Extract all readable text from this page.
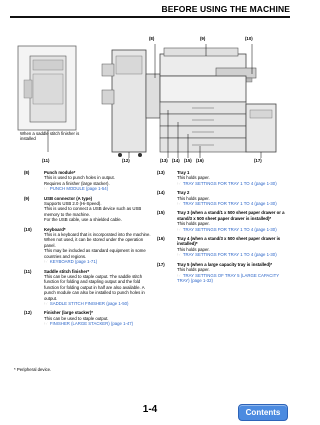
BEFORE USING THE MACHINE
(8)	(9)	(10)
(11)	(12)	(13) (14) (15) (16)	(17)
When a saddle stitch finisher is installed
(8)	Punch module*
This is used to punch holes in output.
Requires a finisher (large stacker).
☞ PUNCH MODULE (page 1-54)
(9)	USB connector (A type)
Supports USB 2.0 (Hi-Speed).
This is used to connect a USB device such as USB memory to the machine.
For the USB cable, use a shielded cable.
(10)	Keyboard*
This is a keyboard that is incorporated into the machine. When not used, it can be stored under the operation panel.
This may be included as standard equipment in some countries and regions.
☞ KEYBOARD (page 1-71)
(11)	Saddle stitch finisher*
This can be used to staple output. The saddle stitch function for folding and stapling output and the fold function for folding output in half are also available. A punch module can also be installed to punch holes in output.
☞ SADDLE STITCH FINISHER (page 1-50)
(12)	Finisher (large stacker)*
This can be used to staple output.
☞ FINISHER (LARGE STACKER) (page 1-47)
(13)	Tray 1
This holds paper.
☞ TRAY SETTINGS FOR TRAY 1 TO 4 (page 1-30)
(14)	Tray 2
This holds paper.
☞ TRAY SETTINGS FOR TRAY 1 TO 4 (page 1-30)
(15)	Tray 3 (when a stand/1 x 500 sheet paper drawer or a stand/3 x 500 sheet paper drawer is installed)*
This holds paper.
☞ TRAY SETTINGS FOR TRAY 1 TO 4 (page 1-30)
(16)	Tray 4 (when a stand/3 x 500 sheet paper drawer is installed)*
This holds paper.
☞ TRAY SETTINGS FOR TRAY 1 TO 4 (page 1-30)
(17)	Tray 5 (when a large capacity tray is installed)*
This holds paper.
☞ TRAY SETTINGS OF TRAY 5 (LARGE CAPACITY TRAY) (page 1-32)
* Peripheral device.
1-4	Contents
